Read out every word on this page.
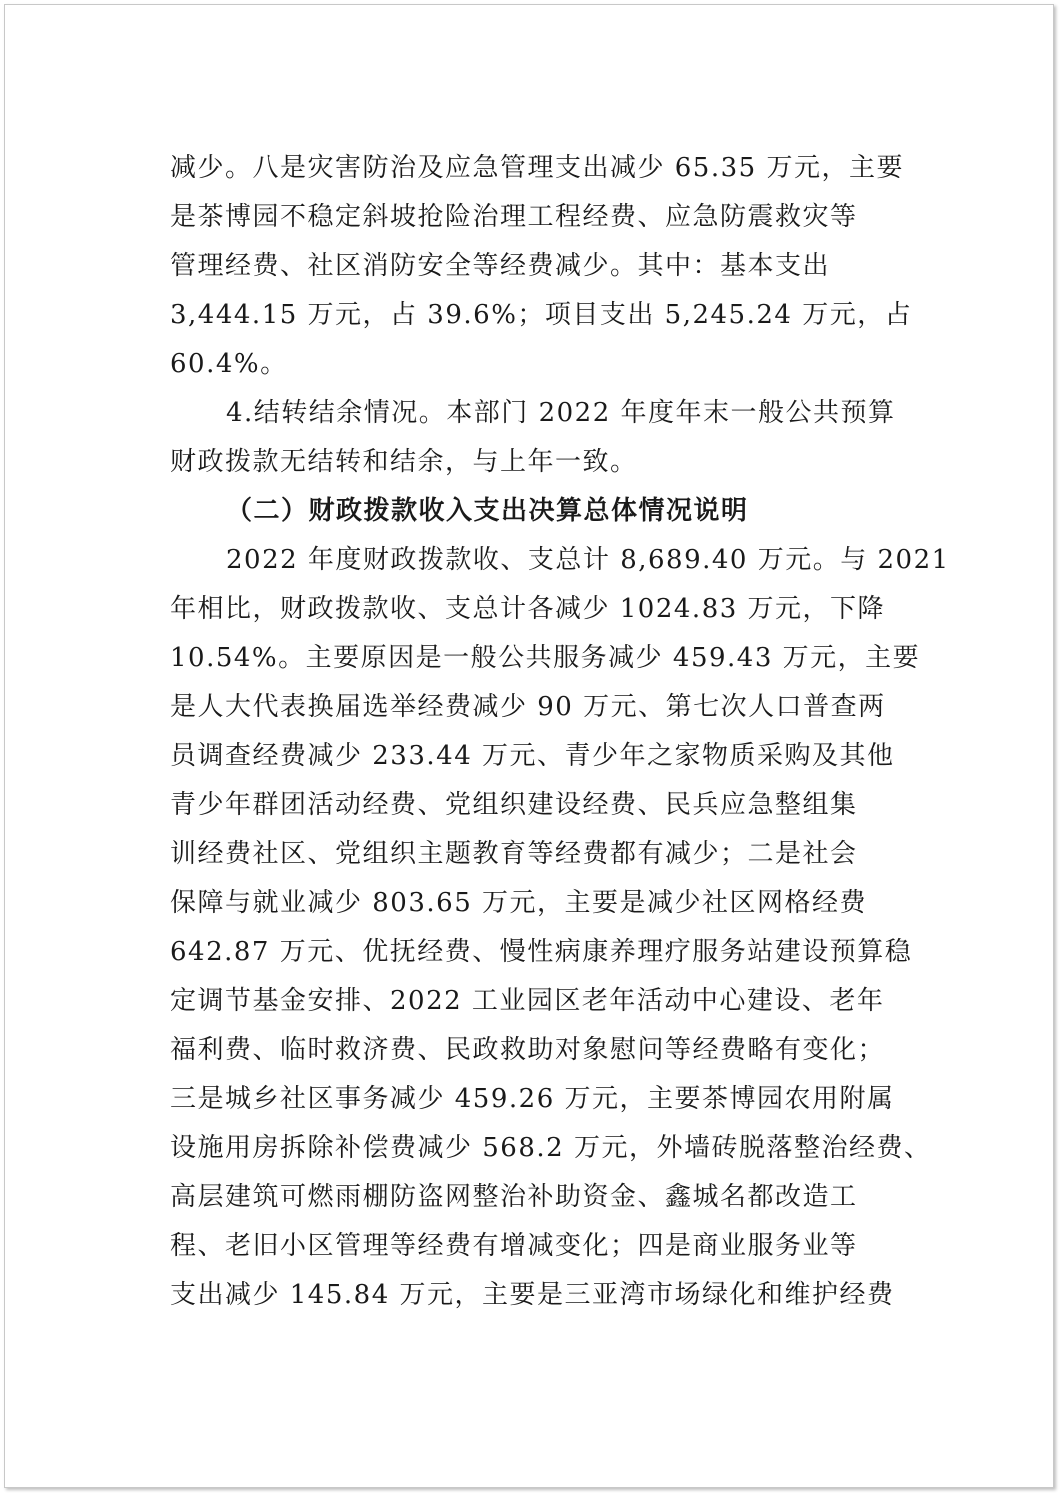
减少。八是灾害防治及应急管理支出减少 65.35 万元，主要
是茶博园不稳定斜坡抢险治理工程经费、应急防震救灾等
管理经费、社区消防安全等经费减少。其中：基本支出
3,444.15 万元，占 39.6%；项目支出 5,245.24 万元，占
60.4%。
4.结转结余情况。本部门 2022 年度年末一般公共预算
财政拨款无结转和结余，与上年一致。
（二）财政拨款收入支出决算总体情况说明
2022 年度财政拨款收、支总计 8,689.40 万元。与 2021
年相比，财政拨款收、支总计各减少 1024.83 万元，下降
10.54%。主要原因是一般公共服务减少 459.43 万元，主要
是人大代表换届选举经费减少 90 万元、第七次人口普查两
员调查经费减少 233.44 万元、青少年之家物质采购及其他
青少年群团活动经费、党组织建设经费、民兵应急整组集
训经费社区、党组织主题教育等经费都有减少；二是社会
保障与就业减少 803.65 万元，主要是减少社区网格经费
642.87 万元、优抚经费、慢性病康养理疗服务站建设预算稳
定调节基金安排、2022 工业园区老年活动中心建设、老年
福利费、临时救济费、民政救助对象慰问等经费略有变化；
三是城乡社区事务减少 459.26 万元，主要茶博园农用附属
设施用房拆除补偿费减少 568.2 万元，外墙砖脱落整治经费、
高层建筑可燃雨棚防盗网整治补助资金、鑫城名都改造工
程、老旧小区管理等经费有增减变化；四是商业服务业等
支出减少 145.84 万元，主要是三亚湾市场绿化和维护经费
